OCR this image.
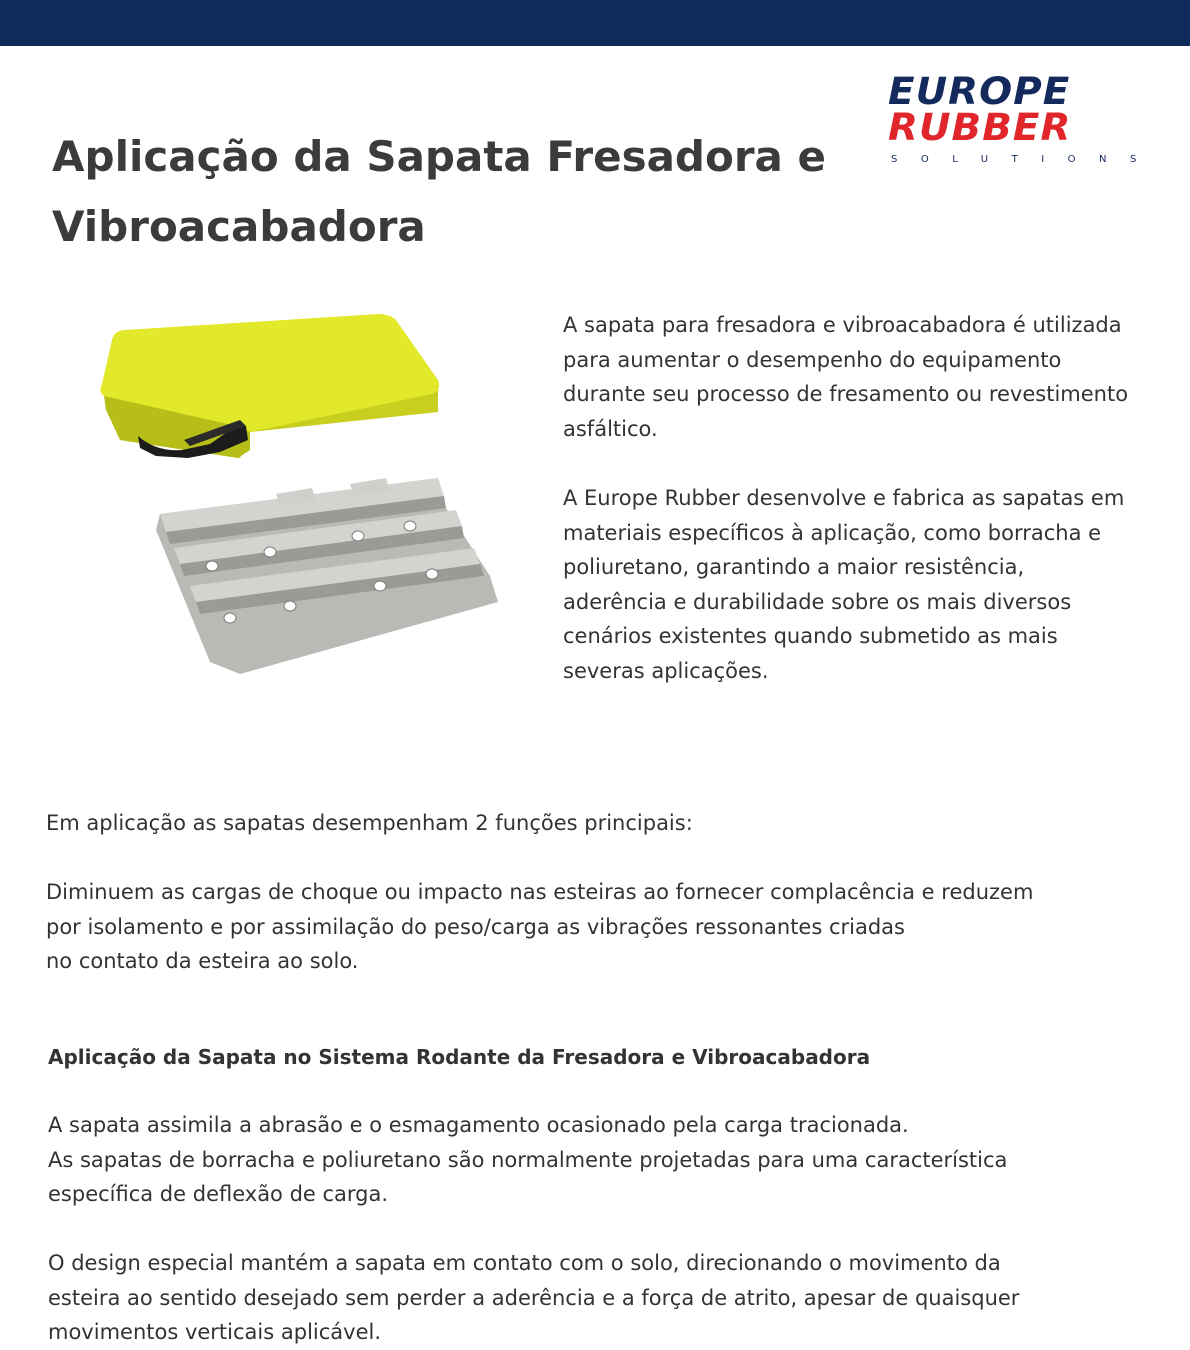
EUROPE
RUBBER
SOLUTIONS
Aplicação da Sapata Fresadora e
Vibroacabadora

A sapata para fresadora e vibroacabadora é utilizada
para aumentar o desempenho do equipamento
durante seu processo de fresamento ou revestimento
asfáltico.

A Europe Rubber desenvolve e fabrica as sapatas em
materiais específicos à aplicação, como borracha e
poliuretano, garantindo a maior resistência,
aderência e durabilidade sobre os mais diversos
cenários existentes quando submetido as mais
severas aplicações.

Em aplicação as sapatas desempenham 2 funções principais:

Diminuem as cargas de choque ou impacto nas esteiras ao fornecer complacência e reduzem
por isolamento e por assimilação do peso/carga as vibrações ressonantes criadas
no contato da esteira ao solo.

Aplicação da Sapata no Sistema Rodante da Fresadora e Vibroacabadora

A sapata assimila a abrasão e o esmagamento ocasionado pela carga tracionada.
As sapatas de borracha e poliuretano são normalmente projetadas para uma característica
específica de deflexão de carga.

O design especial mantém a sapata em contato com o solo, direcionando o movimento da
esteira ao sentido desejado sem perder a aderência e a força de atrito, apesar de quaisquer
movimentos verticais aplicável.
